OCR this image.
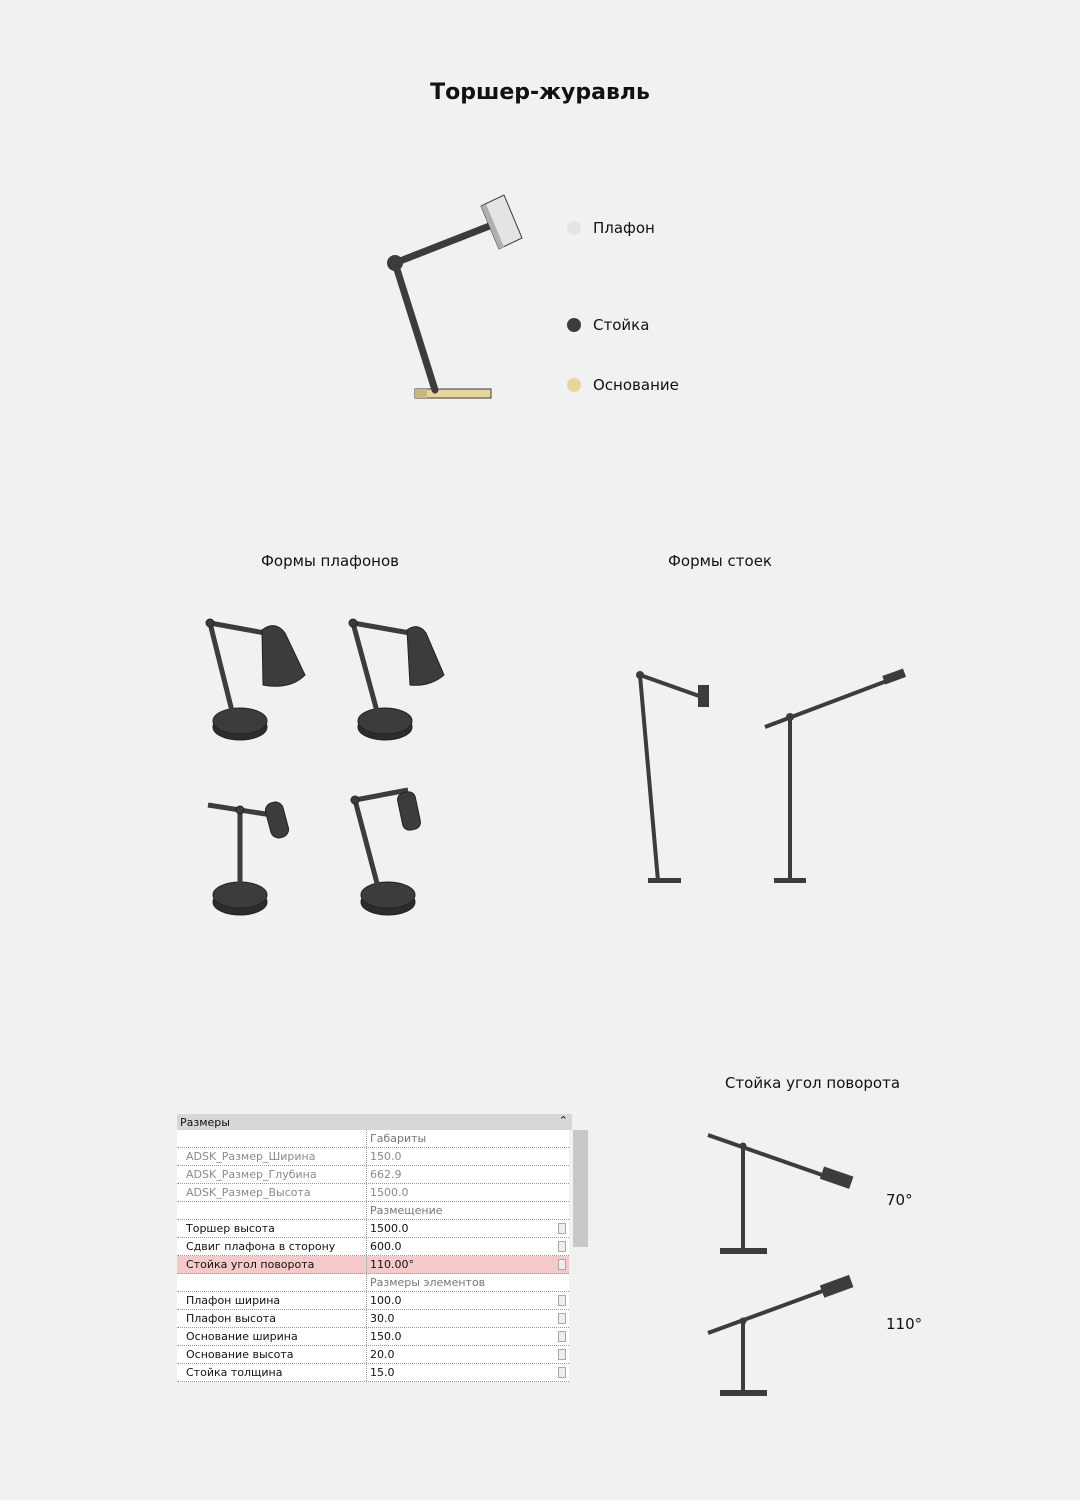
Торшер-журавль
Плафон
Стойка
Основание
Формы плафонов	Формы стоек
Размеры	⌃
Габариты
ADSK_Размер_Ширина	150.0
ADSK_Размер_Глубина	662.9
ADSK_Размер_Высота	1500.0
Размещение
Торшер высота	1500.0
Сдвиг плафона в сторону	600.0
Стойка угол поворота	110.00°
Размеры элементов
Плафон ширина	100.0
Плафон высота	30.0
Основание ширина	150.0
Основание высота	20.0
Стойка толщина	15.0
Стойка угол поворота
70°
110°
